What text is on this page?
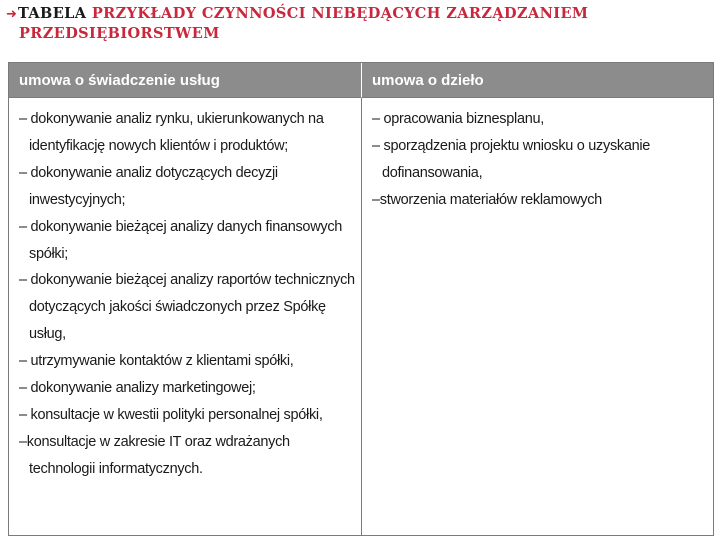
➜TABELA PRZYKŁADY CZYNNOŚCI NIEBĘDĄCYCH ZARZĄDZANIEM
PRZEDSIĘBIORSTWEM
umowa o świadczenie usług	umowa o dzieło
– dokonywanie analiz rynku, ukierunkowanych na identyfikację nowych klientów i produktów;
– dokonywanie analiz dotyczących decyzji inwestycyjnych;
– dokonywanie bieżącej analizy danych finansowych spółki;
– dokonywanie bieżącej analizy raportów technicznych dotyczących jakości świadczonych przez Spółkę usług,
– utrzymywanie kontaktów z klientami spółki,
– dokonywanie analizy marketingowej;
– konsultacje w kwestii polityki personalnej spółki,
–konsultacje w zakresie IT oraz wdrażanych technologii informatycznych.
– opracowania biznesplanu,
– sporządzenia projektu wniosku o uzyskanie dofinansowania,
–stworzenia materiałów reklamowych
